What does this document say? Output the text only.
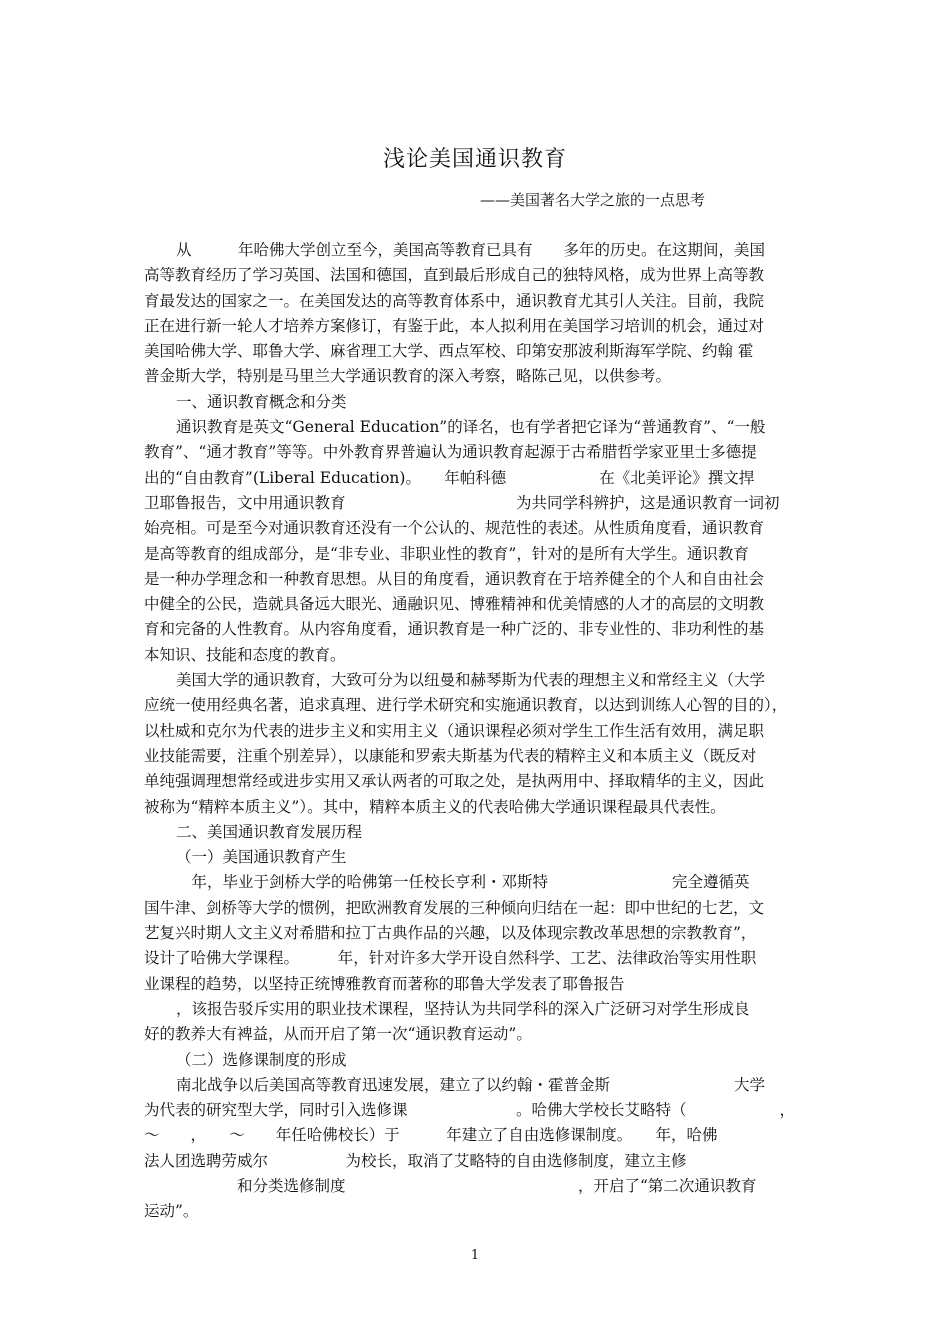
浅论美国通识教育
——美国著名大学之旅的一点思考
从　　　年哈佛大学创立至今，美国高等教育已具有　　多年的历史。在这期间，美国
高等教育经历了学习英国、法国和德国，直到最后形成自己的独特风格，成为世界上高等教
育最发达的国家之一。在美国发达的高等教育体系中，通识教育尤其引人关注。目前，我院
正在进行新一轮人才培养方案修订，有鉴于此，本人拟利用在美国学习培训的机会，通过对
美国哈佛大学、耶鲁大学、麻省理工大学、西点军校、印第安那波利斯海军学院、约翰 霍
普金斯大学，特别是马里兰大学通识教育的深入考察，略陈己见，以供参考。
一、通识教育概念和分类
通识教育是英文“General Education”的译名，也有学者把它译为“普通教育”、“一般
教育”、“通才教育”等等。中外教育界普遍认为通识教育起源于古希腊哲学家亚里士多德提
出的“自由教育”(Liberal Education)。　　年帕科德　　　　　　在《北美评论》撰文捍
卫耶鲁报告，文中用通识教育　　　　　　　　　　　为共同学科辨护，这是通识教育一词初
始亮相。可是至今对通识教育还没有一个公认的、规范性的表述。从性质角度看，通识教育
是高等教育的组成部分，是“非专业、非职业性的教育”，针对的是所有大学生。通识教育
是一种办学理念和一种教育思想。从目的角度看，通识教育在于培养健全的个人和自由社会
中健全的公民，造就具备远大眼光、通融识见、博雅精神和优美情感的人才的高层的文明教
育和完备的人性教育。从内容角度看，通识教育是一种广泛的、非专业性的、非功利性的基
本知识、技能和态度的教育。
美国大学的通识教育，大致可分为以纽曼和赫琴斯为代表的理想主义和常经主义（大学
应统一使用经典名著，追求真理、进行学术研究和实施通识教育，以达到训练人心智的目的），
以杜威和克尔为代表的进步主义和实用主义（通识课程必须对学生工作生活有效用，满足职
业技能需要，注重个别差异），以康能和罗索夫斯基为代表的精粹主义和本质主义（既反对
单纯强调理想常经或进步实用又承认两者的可取之处，是执两用中、择取精华的主义，因此
被称为“精粹本质主义”）。其中，精粹本质主义的代表哈佛大学通识课程最具代表性。
二、美国通识教育发展历程
（一）美国通识教育产生
　年，毕业于剑桥大学的哈佛第一任校长亨利・邓斯特　　　　　　　　完全遵循英
国牛津、剑桥等大学的惯例，把欧洲教育发展的三种倾向归结在一起：即中世纪的七艺，文
艺复兴时期人文主义对希腊和拉丁古典作品的兴趣，以及体现宗教改革思想的宗教教育”，
设计了哈佛大学课程。　　　年，针对许多大学开设自然科学、工艺、法律政治等实用性职
业课程的趋势，以坚持正统博雅教育而著称的耶鲁大学发表了耶鲁报告
，该报告驳斥实用的职业技术课程，坚持认为共同学科的深入广泛研习对学生形成良
好的教养大有裨益，从而开启了第一次“通识教育运动”。
（二）选修课制度的形成
南北战争以后美国高等教育迅速发展，建立了以约翰・霍普金斯　　　　　　　　大学
为代表的研究型大学，同时引入选修课　　　　　　　。哈佛大学校长艾略特（　　　　　　，
～　　，　　～　　年任哈佛校长）于　　　年建立了自由选修课制度。　　年，哈佛
法人团选聘劳威尔　　　　　为校长，取消了艾略特的自由选修制度，建立主修
　　　　　　和分类选修制度　　　　　　　　　　　　　　　，开启了“第二次通识教育
运动”。
1
